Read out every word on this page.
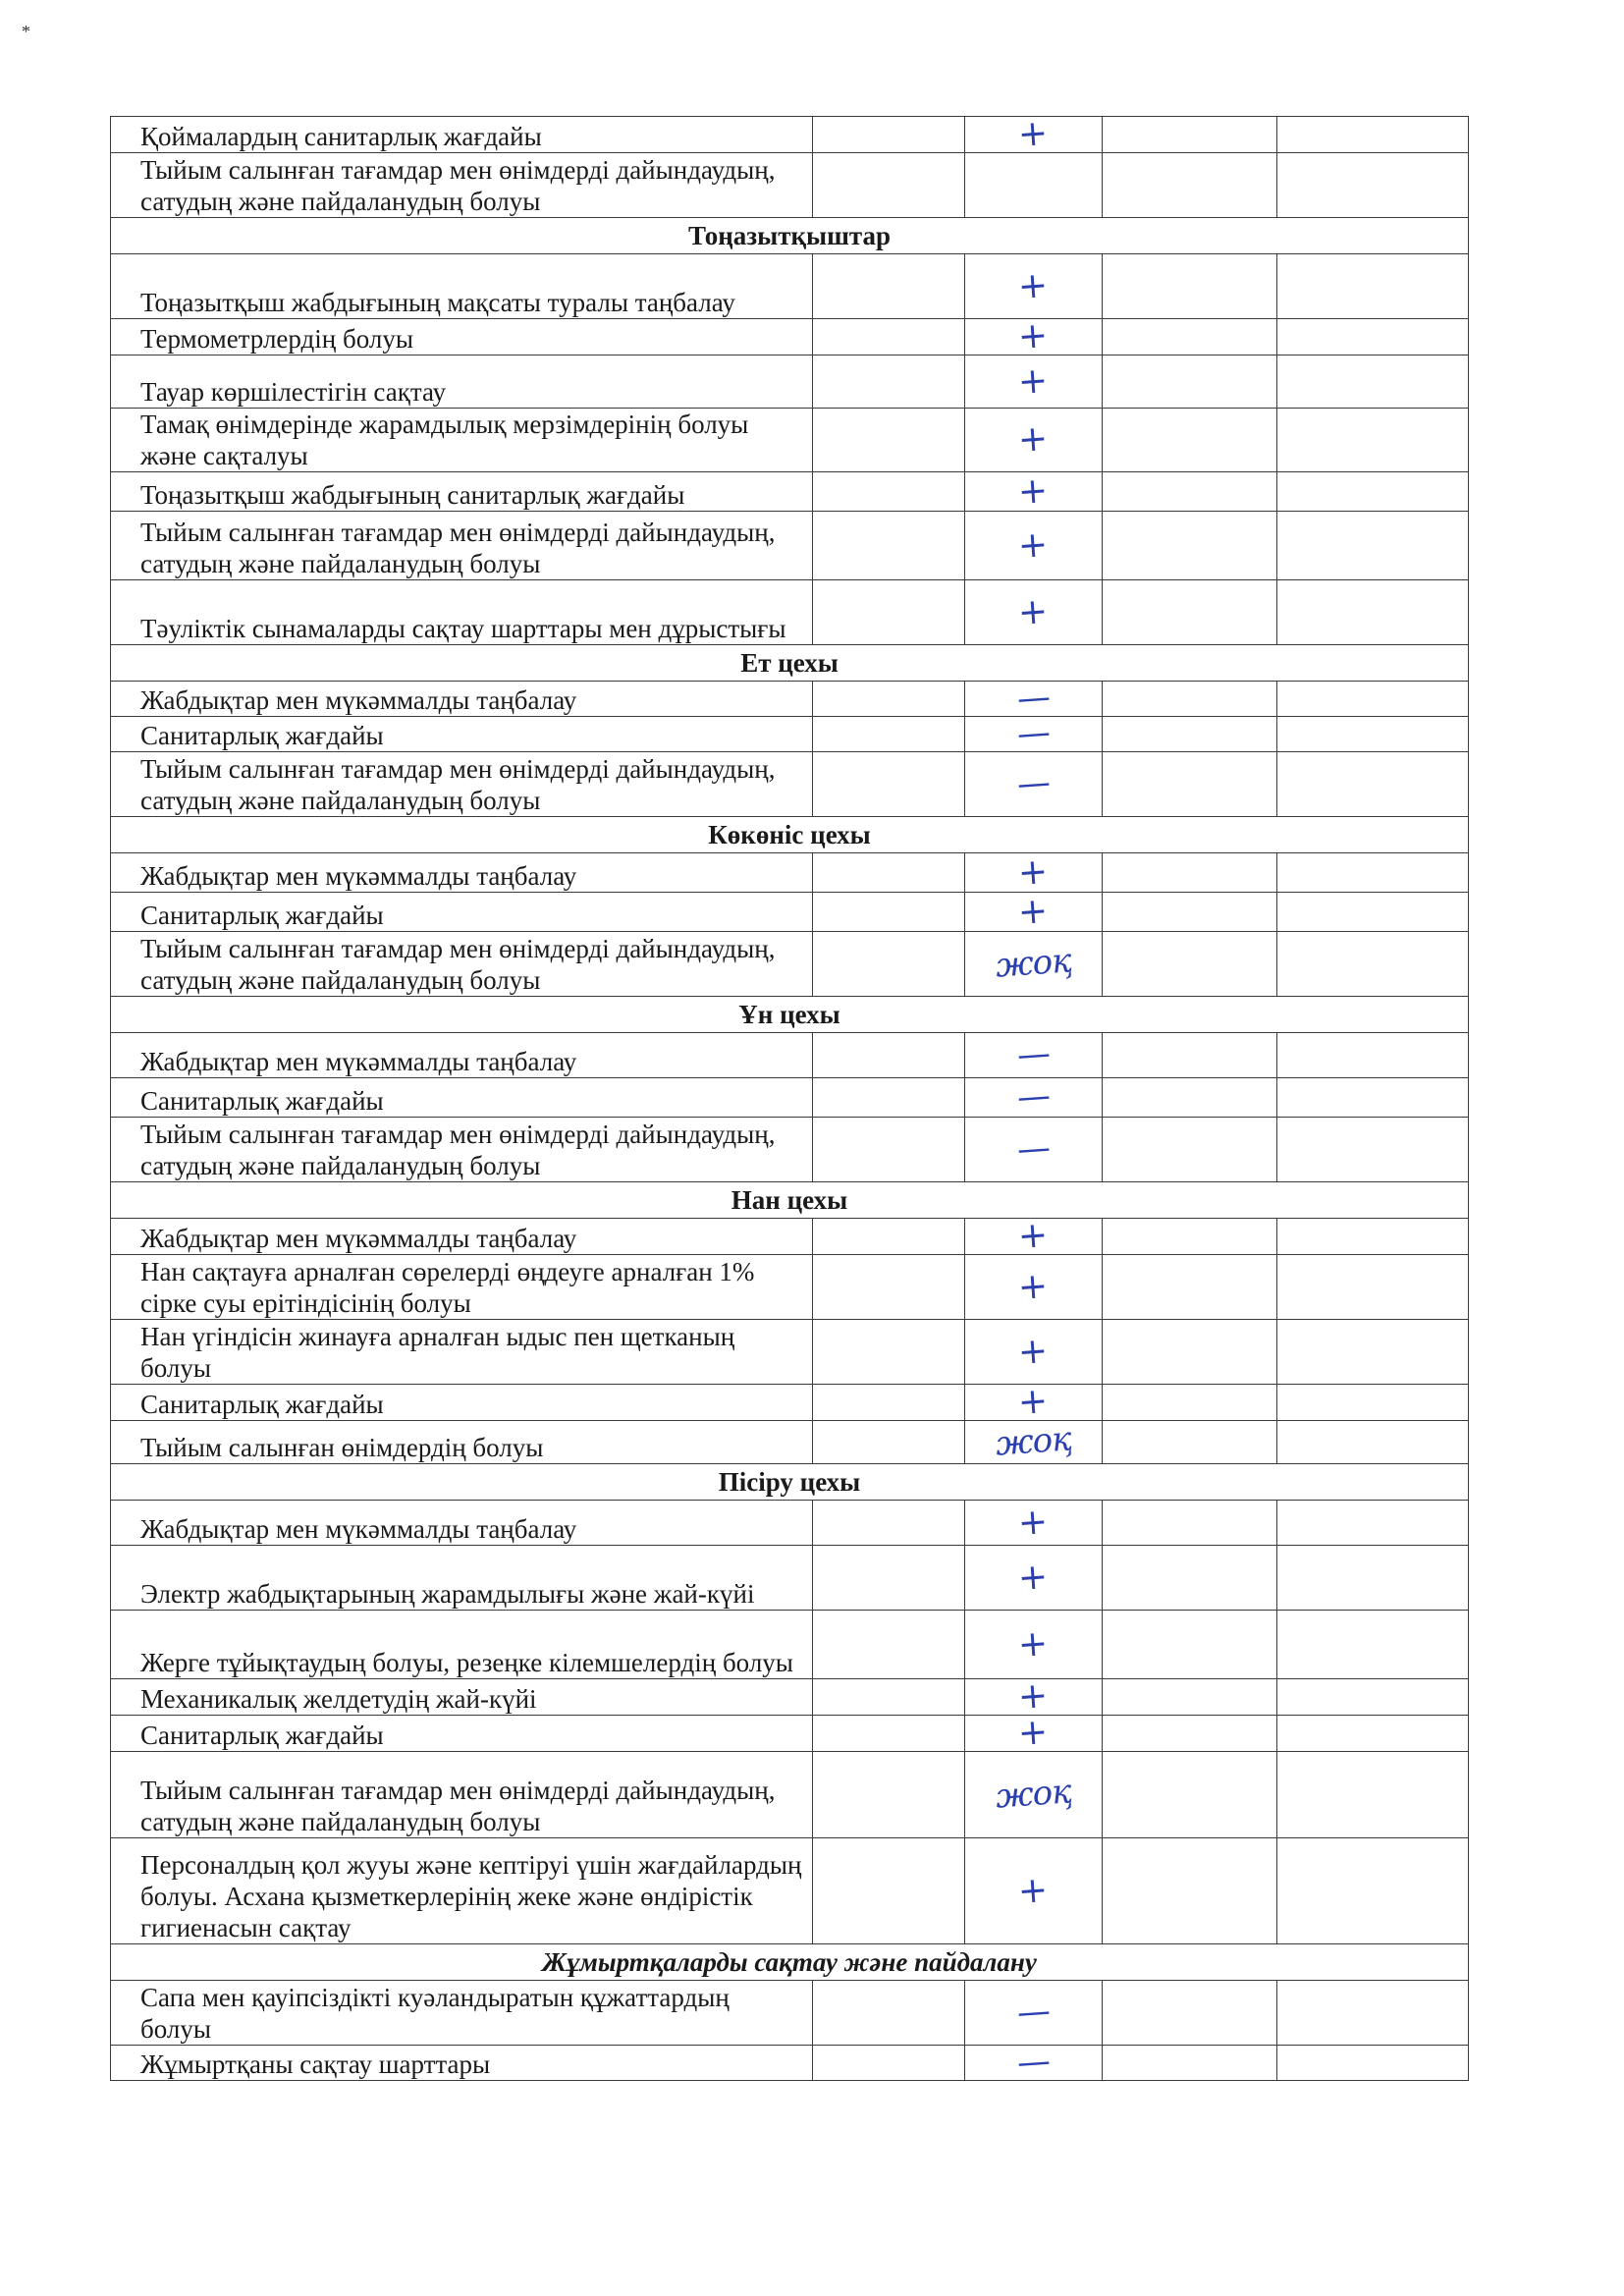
*
Қоймалардың санитарлық жағдайы		+		
Тыйым салынған тағамдар мен өнімдерді дайындаудың, сатудың және пайдаланудың болуы				
Тоңазытқыштар				
Тоңазытқыш жабдығының мақсаты туралы таңбалау		+		
Термометрлердің болуы		+		
Тауар көршілестігін сақтау		+		
Тамақ өнімдерінде жарамдылық мерзімдерінің болуы және сақталуы		+		
Тоңазытқыш жабдығының санитарлық жағдайы		+		
Тыйым салынған тағамдар мен өнімдерді дайындаудың, сатудың және пайдаланудың болуы		+		
Тәуліктік сынамаларды сақтау шарттары мен дұрыстығы		+		
Ет цехы				
Жабдықтар мен мүкәммалды таңбалау		—		
Санитарлық жағдайы		—		
Тыйым салынған тағамдар мен өнімдерді дайындаудың, сатудың және пайдаланудың болуы		—		
Көкөніс цехы				
Жабдықтар мен мүкәммалды таңбалау		+		
Санитарлық жағдайы		+		
Тыйым салынған тағамдар мен өнімдерді дайындаудың, сатудың және пайдаланудың болуы		жоқ		
Ұн цехы				
Жабдықтар мен мүкәммалды таңбалау		—		
Санитарлық жағдайы		—		
Тыйым салынған тағамдар мен өнімдерді дайындаудың, сатудың және пайдаланудың болуы		—		
Нан цехы				
Жабдықтар мен мүкәммалды таңбалау		+		
Нан сақтауға арналған сөрелерді өңдеуге арналған 1% сірке суы ерітіндісінің болуы		+		
Нан үгіндісін жинауға арналған ыдыс пен щетканың болуы		+		
Санитарлық жағдайы		+		
Тыйым салынған өнімдердің болуы		жоқ		
Пісіру цехы				
Жабдықтар мен мүкәммалды таңбалау		+		
Электр жабдықтарының жарамдылығы және жай-күйі		+		
Жерге тұйықтаудың болуы, резеңке кілемшелердің болуы		+		
Механикалық желдетудің жай-күйі		+		
Санитарлық жағдайы		+		
Тыйым салынған тағамдар мен өнімдерді дайындаудың, сатудың және пайдаланудың болуы		жоқ		
Персоналдың қол жууы және кептіруі үшін жағдайлардың болуы. Асхана қызметкерлерінің жеке және өндірістік гигиенасын сақтау		+		
Жұмыртқаларды сақтау және пайдалану				
Сапа мен қауіпсіздікті куәландыратын құжаттардың болуы		—		
Жұмыртқаны сақтау шарттары		—		
